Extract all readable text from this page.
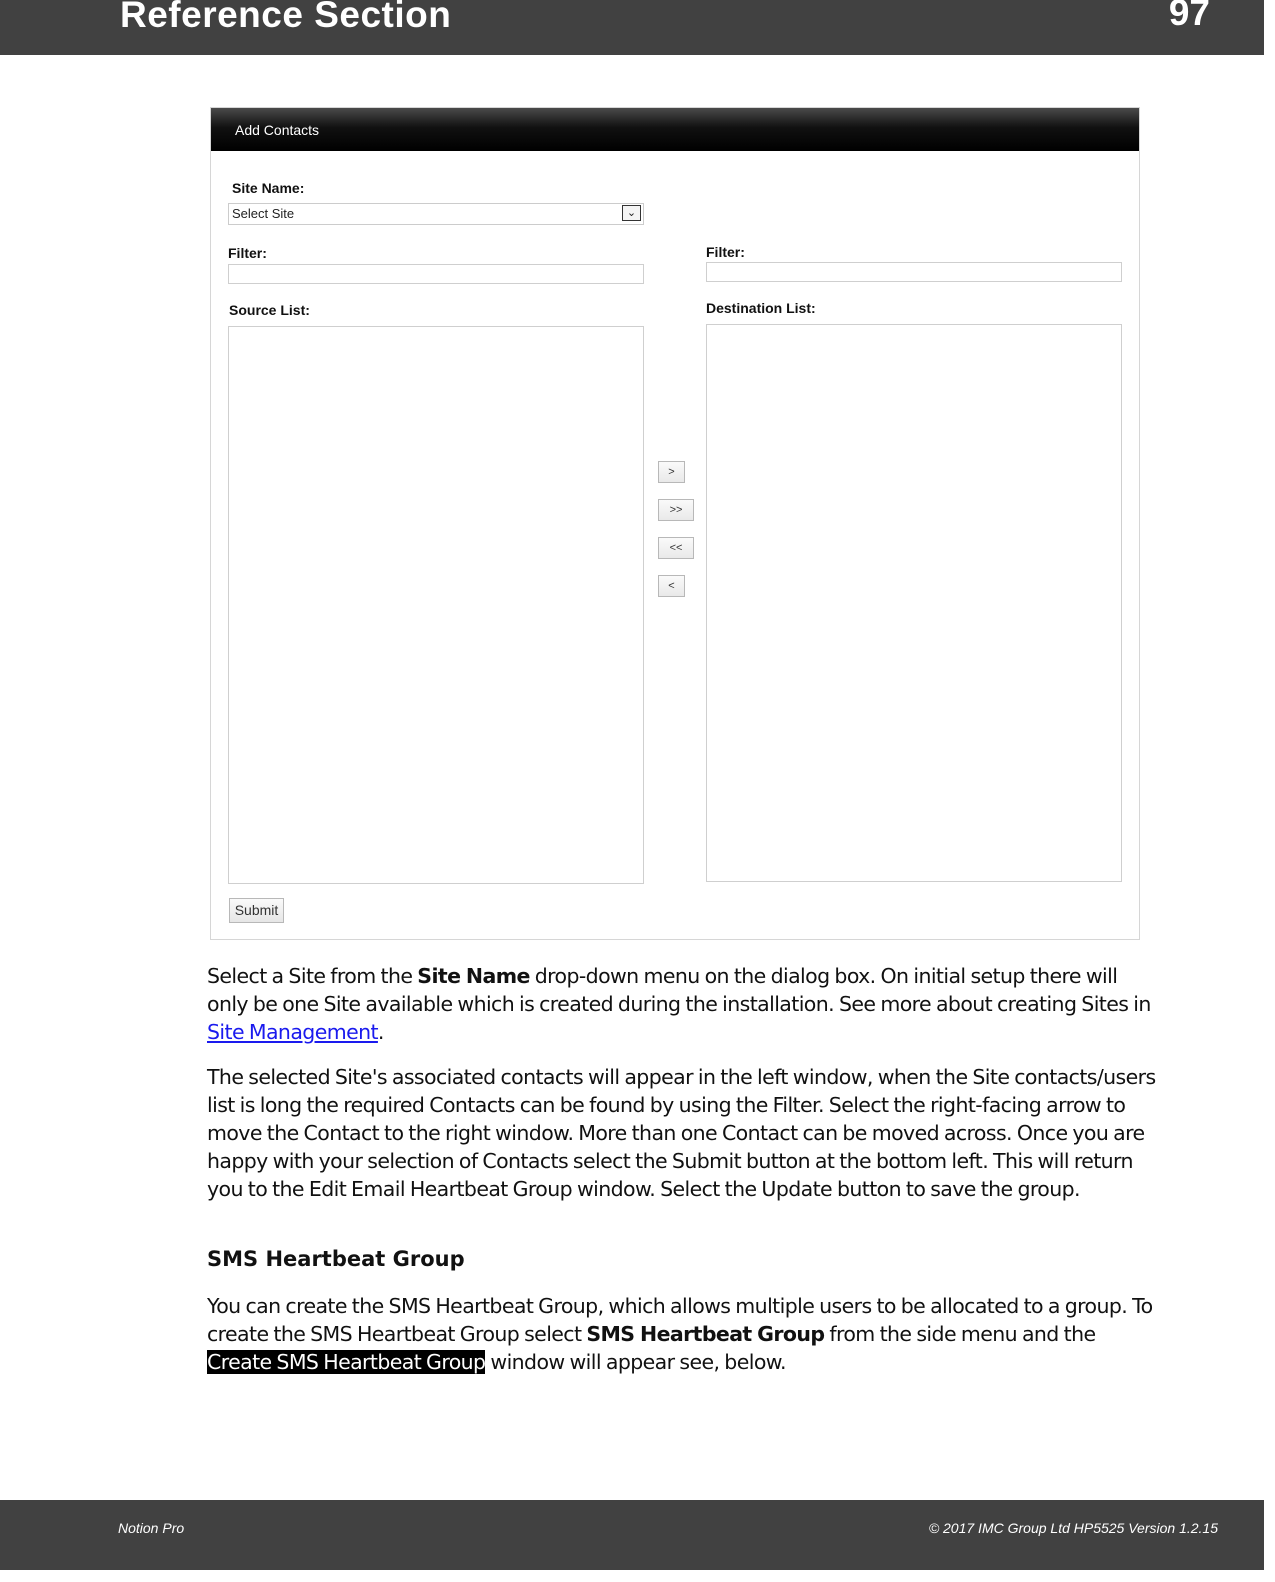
Reference Section	97
Add Contacts
Site Name:
Select Site	⌄
Filter:	Filter:
Source List:	Destination List:
>
>>
<<
<
Submit
Select a Site from the Site Name drop-down menu on the dialog box. On initial setup there will only be one Site available which is created during the installation. See more about creating Sites in Site Management.
The selected Site's associated contacts will appear in the left window, when the Site contacts/users list is long the required Contacts can be found by using the Filter. Select the right-facing arrow to move the Contact to the right window. More than one Contact can be moved across. Once you are happy with your selection of Contacts select the Submit button at the bottom left. This will return you to the Edit Email Heartbeat Group window. Select the Update button to save the group.
SMS Heartbeat Group
You can create the SMS Heartbeat Group, which allows multiple users to be allocated to a group. To create the SMS Heartbeat Group select SMS Heartbeat Group from the side menu and the Create SMS Heartbeat Group window will appear see, below.
Notion Pro	© 2017 IMC Group Ltd HP5525 Version 1.2.15
